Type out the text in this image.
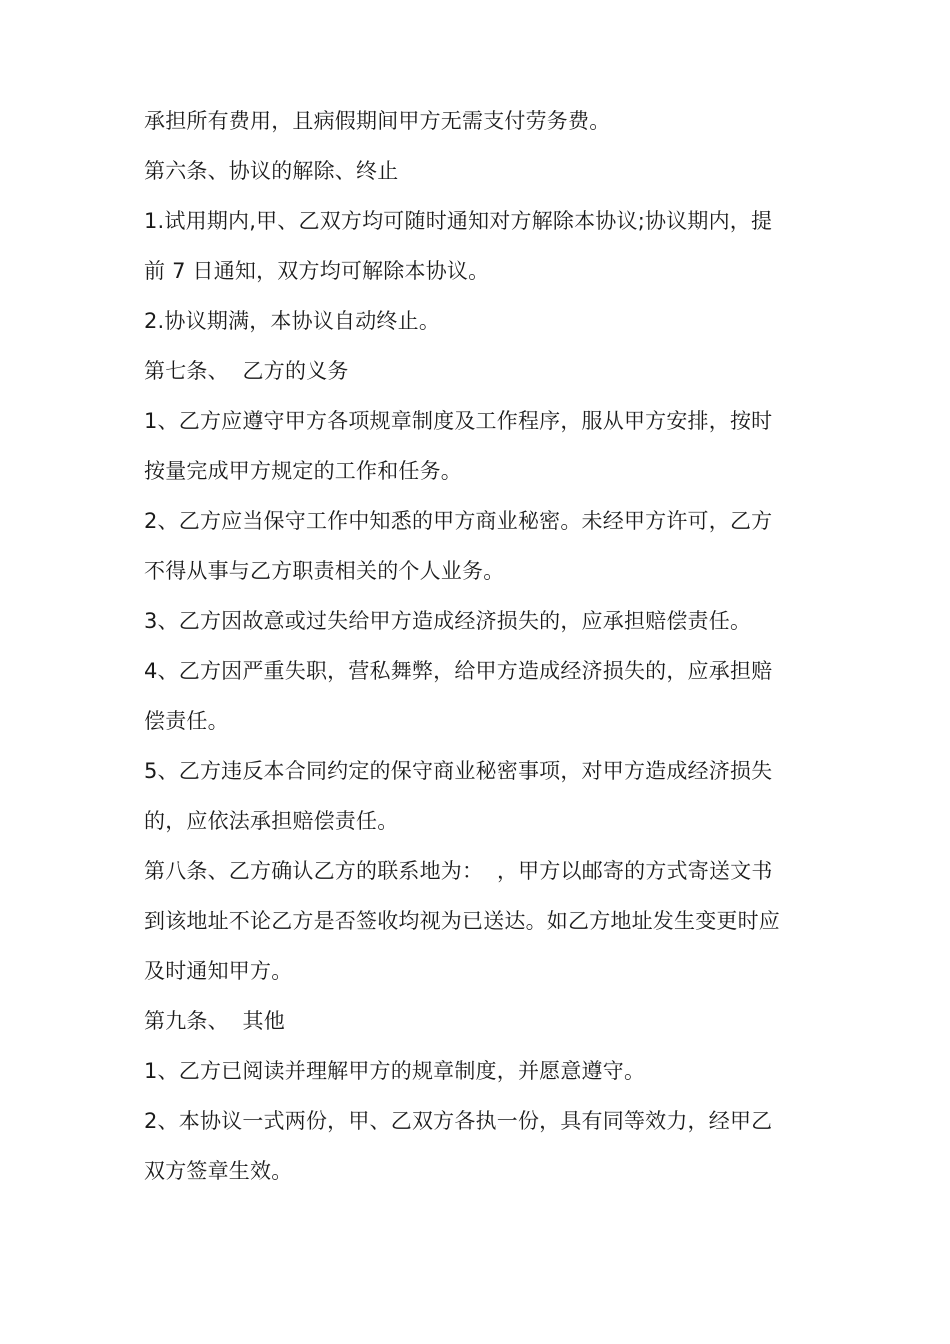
承担所有费用，且病假期间甲方无需支付劳务费。
第六条、协议的解除、终止
1.试用期内,甲、乙双方均可随时通知对方解除本协议;协议期内，提
前 7 日通知，双方均可解除本协议。
2.协议期满，本协议自动终止。
第七条、  乙方的义务
1、乙方应遵守甲方各项规章制度及工作程序，服从甲方安排，按时
按量完成甲方规定的工作和任务。
2、乙方应当保守工作中知悉的甲方商业秘密。未经甲方许可，乙方
不得从事与乙方职责相关的个人业务。
3、乙方因故意或过失给甲方造成经济损失的，应承担赔偿责任。
4、乙方因严重失职，营私舞弊，给甲方造成经济损失的，应承担赔
偿责任。
5、乙方违反本合同约定的保守商业秘密事项，对甲方造成经济损失
的，应依法承担赔偿责任。
第八条、乙方确认乙方的联系地为：  ，甲方以邮寄的方式寄送文书
到该地址不论乙方是否签收均视为已送达。如乙方地址发生变更时应
及时通知甲方。
第九条、  其他
1、乙方已阅读并理解甲方的规章制度，并愿意遵守。
2、本协议一式两份，甲、乙双方各执一份，具有同等效力，经甲乙
双方签章生效。
